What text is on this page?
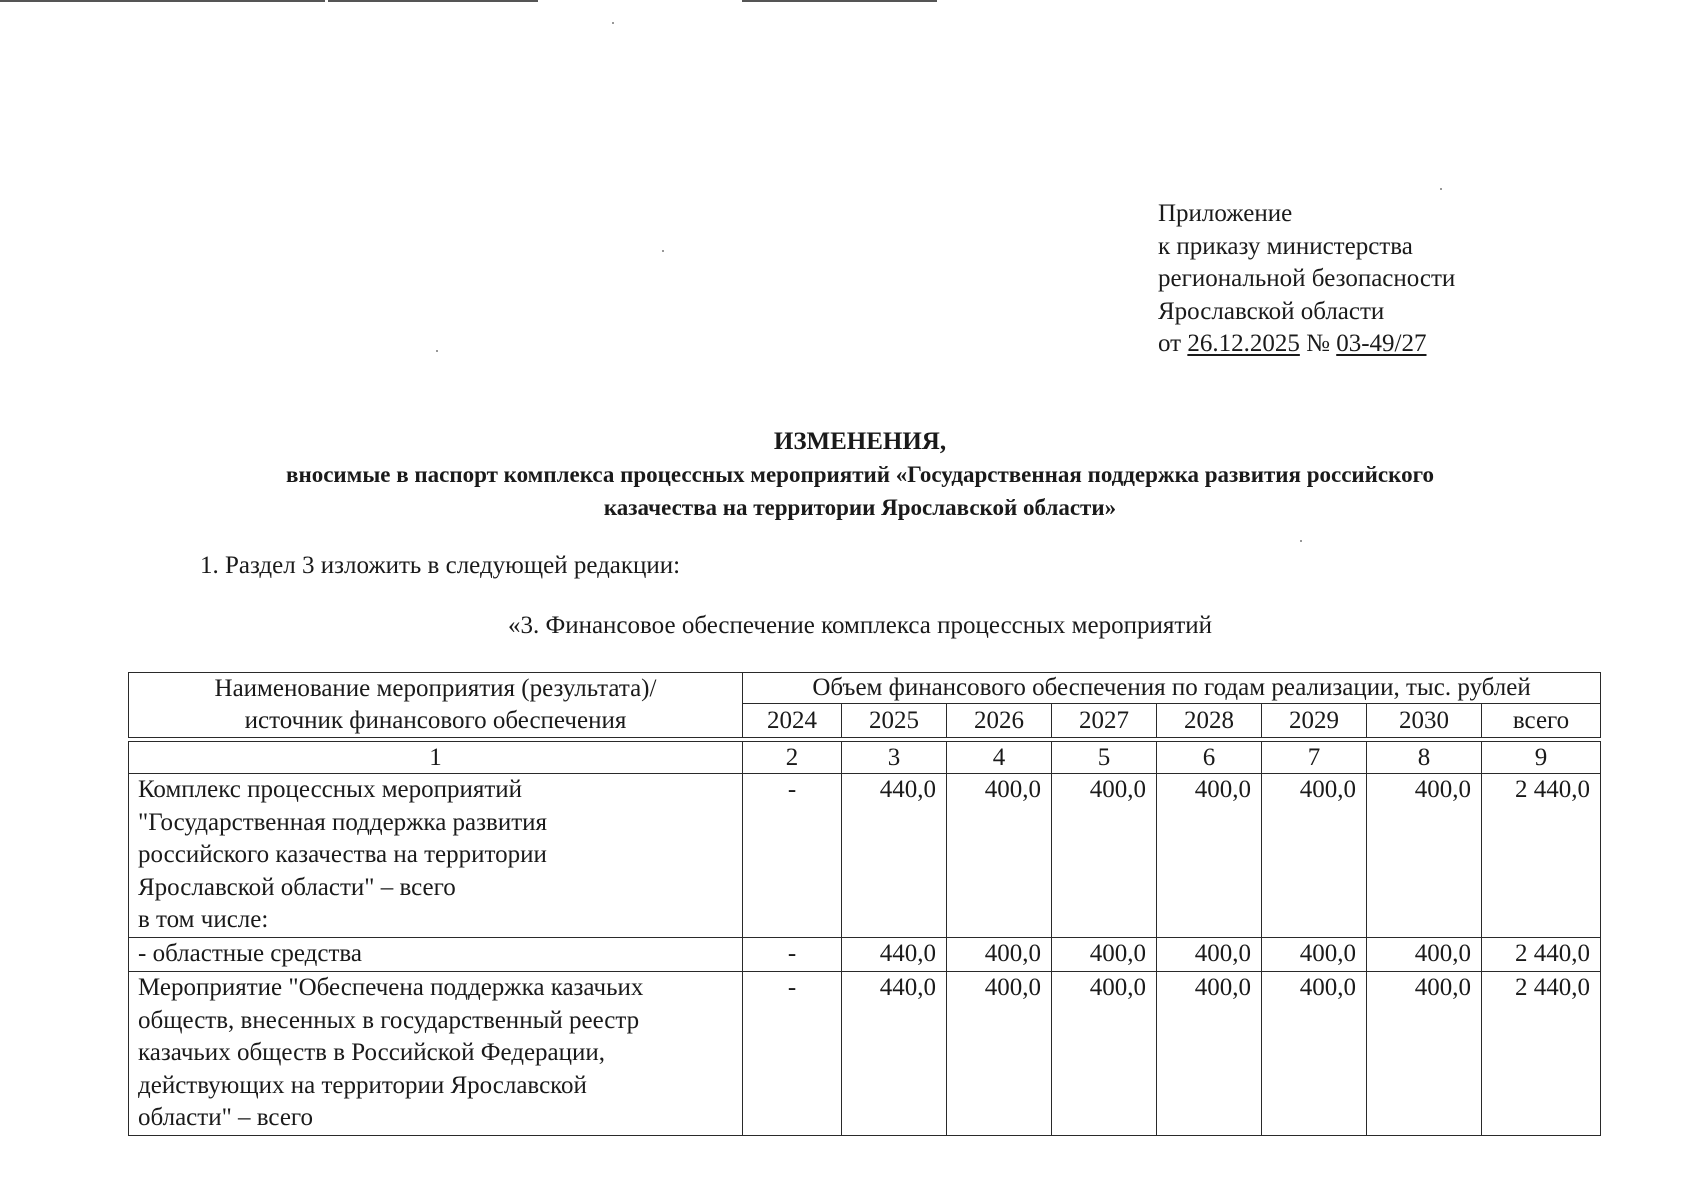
Приложение
к приказу министерства
региональной безопасности
Ярославской области
от 26.12.2025 № 03-49/27
ИЗМЕНЕНИЯ,
вносимые в паспорт комплекса процессных мероприятий «Государственная поддержка развития российского
казачества на территории Ярославской области»
1. Раздел 3 изложить в следующей редакции:
«3. Финансовое обеспечение комплекса процессных мероприятий
Наименование мероприятия (результата)/
источник финансового обеспечения	Объем финансового обеспечения по годам реализации, тыс. рублей							
	2024	2025	2026	2027	2028	2029	2030	всего
1	2	3	4	5	6	7	8	9

Комплекс процессных мероприятий
"Государственная поддержка развития
российского казачества на территории
Ярославской области" – всего
в том числе:	-	440,0	400,0	400,0	400,0	400,0	400,0	2 440,0

- областные средства	-	440,0	400,0	400,0	400,0	400,0	400,0	2 440,0

Мероприятие "Обеспечена поддержка казачьих
обществ, внесенных в государственный реестр
казачьих обществ в Российской Федерации,
действующих на территории Ярославской
области" – всего	-	440,0	400,0	400,0	400,0	400,0	400,0	2 440,0
